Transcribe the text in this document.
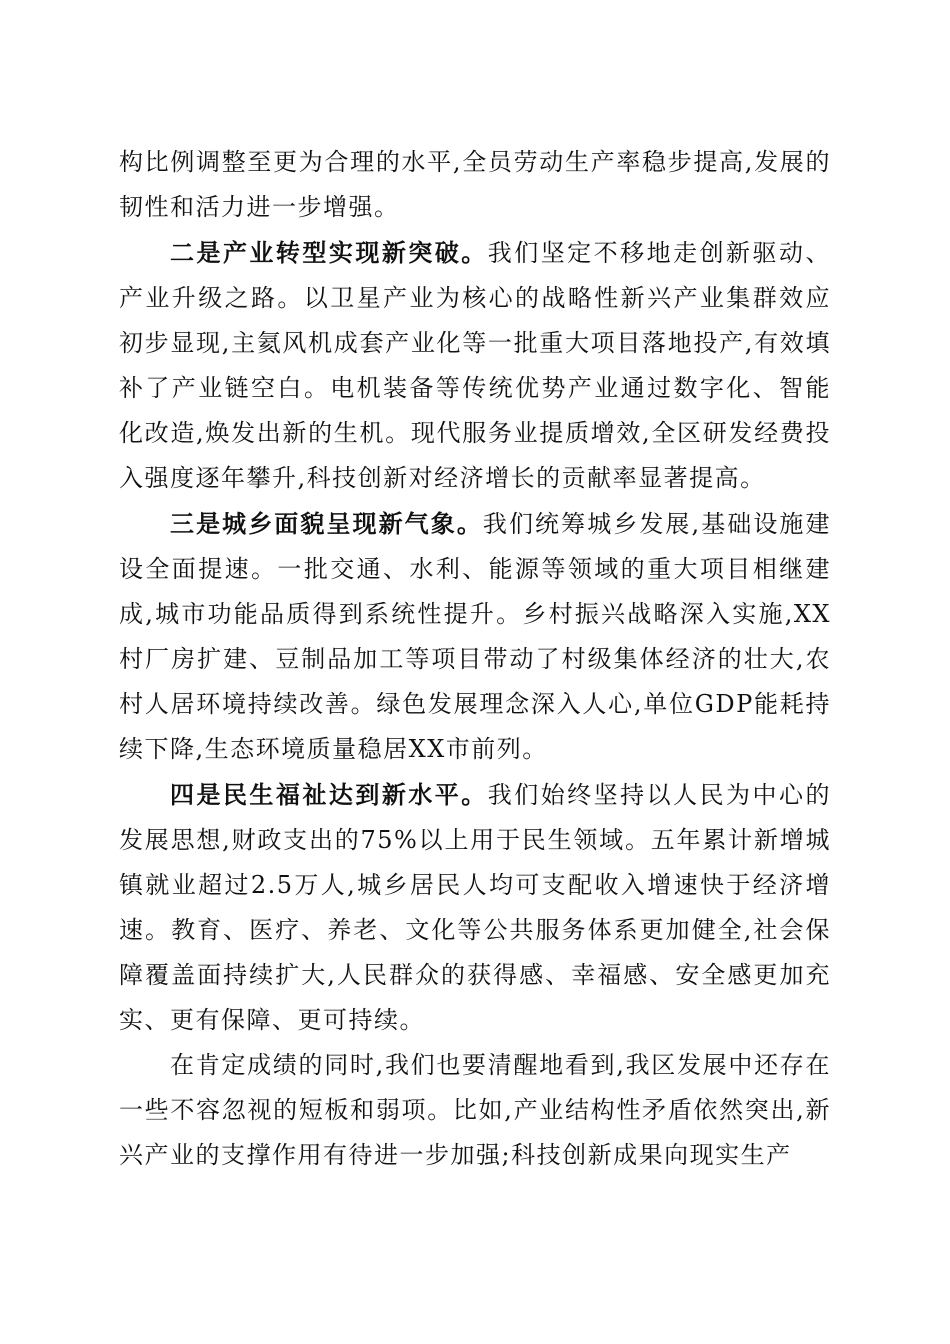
构比例调整至更为合理的水平,全员劳动生产率稳步提高,发展的韧性和活力进一步增强。

二是产业转型实现新突破。我们坚定不移地走创新驱动、产业升级之路。以卫星产业为核心的战略性新兴产业集群效应初步显现,主氦风机成套产业化等一批重大项目落地投产,有效填补了产业链空白。电机装备等传统优势产业通过数字化、智能化改造,焕发出新的生机。现代服务业提质增效,全区研发经费投入强度逐年攀升,科技创新对经济增长的贡献率显著提高。

三是城乡面貌呈现新气象。我们统筹城乡发展,基础设施建设全面提速。一批交通、水利、能源等领域的重大项目相继建成,城市功能品质得到系统性提升。乡村振兴战略深入实施,XX村厂房扩建、豆制品加工等项目带动了村级集体经济的壮大,农村人居环境持续改善。绿色发展理念深入人心,单位GDP能耗持续下降,生态环境质量稳居XX市前列。

四是民生福祉达到新水平。我们始终坚持以人民为中心的发展思想,财政支出的75%以上用于民生领域。五年累计新增城镇就业超过2.5万人,城乡居民人均可支配收入增速快于经济增速。教育、医疗、养老、文化等公共服务体系更加健全,社会保障覆盖面持续扩大,人民群众的获得感、幸福感、安全感更加充实、更有保障、更可持续。

在肯定成绩的同时,我们也要清醒地看到,我区发展中还存在一些不容忽视的短板和弱项。比如,产业结构性矛盾依然突出,新兴产业的支撑作用有待进一步加强;科技创新成果向现实生产
